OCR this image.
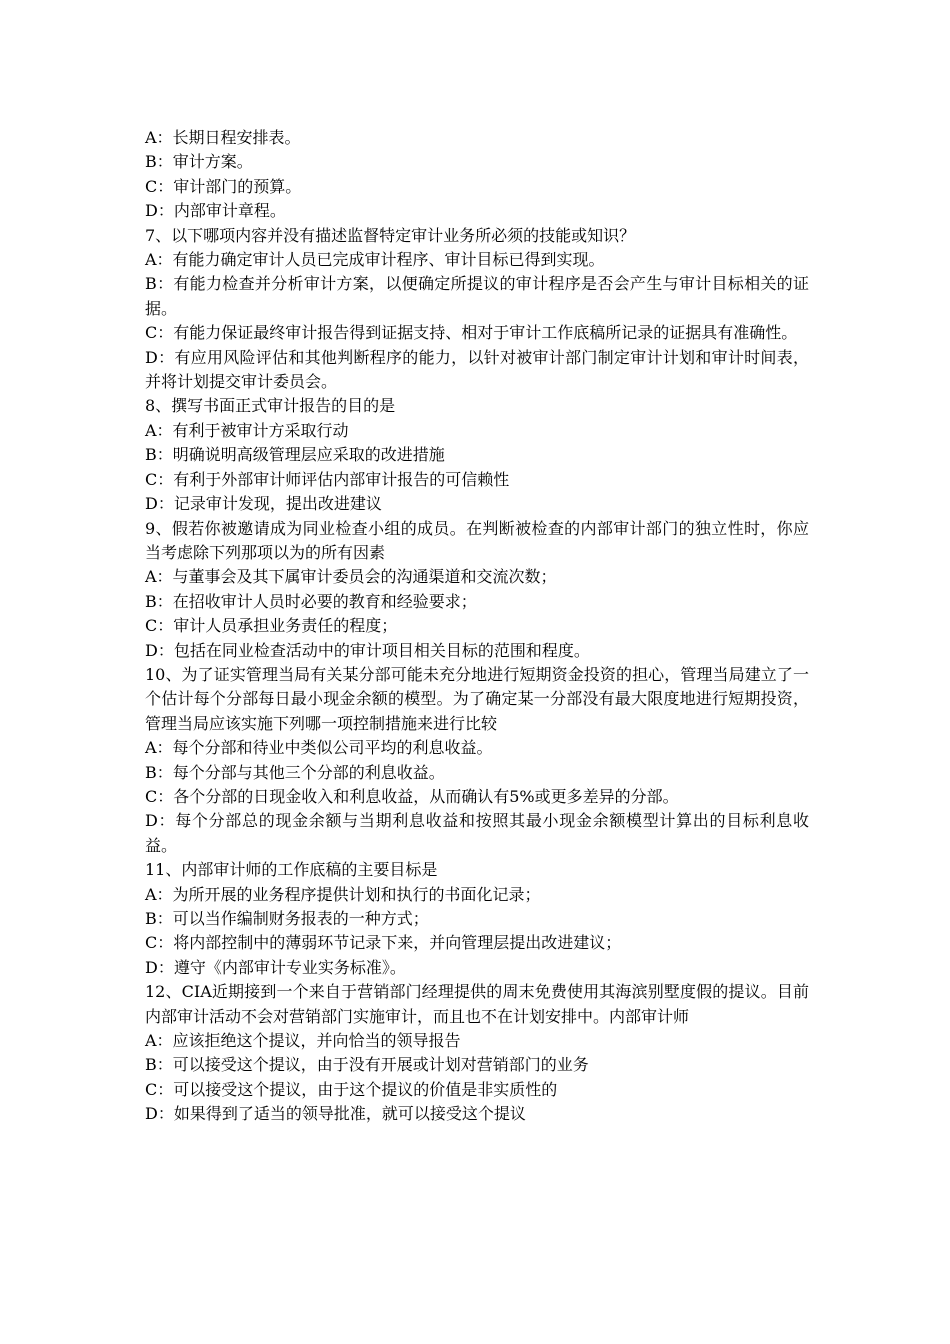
A：长期日程安排表。

B：审计方案。

C：审计部门的预算。

D：内部审计章程。

7、以下哪项内容并没有描述监督特定审计业务所必须的技能或知识？

A：有能力确定审计人员已完成审计程序、审计目标已得到实现。

B：有能力检查并分析审计方案，以便确定所提议的审计程序是否会产生与审计目标相关的证据。

C：有能力保证最终审计报告得到证据支持、相对于审计工作底稿所记录的证据具有准确性。

D：有应用风险评估和其他判断程序的能力，以针对被审计部门制定审计计划和审计时间表，并将计划提交审计委员会。

8、撰写书面正式审计报告的目的是

A：有利于被审计方采取行动

B：明确说明高级管理层应采取的改进措施

C：有利于外部审计师评估内部审计报告的可信赖性

D：记录审计发现，提出改进建议

9、假若你被邀请成为同业检查小组的成员。在判断被检查的内部审计部门的独立性时，你应当考虑除下列那项以为的所有因素

A：与董事会及其下属审计委员会的沟通渠道和交流次数；

B：在招收审计人员时必要的教育和经验要求；

C：审计人员承担业务责任的程度；

D：包括在同业检查活动中的审计项目相关目标的范围和程度。

10、为了证实管理当局有关某分部可能未充分地进行短期资金投资的担心，管理当局建立了一个估计每个分部每日最小现金余额的模型。为了确定某一分部没有最大限度地进行短期投资，管理当局应该实施下列哪一项控制措施来进行比较

A：每个分部和待业中类似公司平均的利息收益。

B：每个分部与其他三个分部的利息收益。

C：各个分部的日现金收入和利息收益，从而确认有5%或更多差异的分部。

D：每个分部总的现金余额与当期利息收益和按照其最小现金余额模型计算出的目标利息收益。

11、内部审计师的工作底稿的主要目标是

A：为所开展的业务程序提供计划和执行的书面化记录；

B：可以当作编制财务报表的一种方式；

C：将内部控制中的薄弱环节记录下来，并向管理层提出改进建议；

D：遵守《内部审计专业实务标准》。

12、CIA近期接到一个来自于营销部门经理提供的周末免费使用其海滨别墅度假的提议。目前内部审计活动不会对营销部门实施审计，而且也不在计划安排中。内部审计师

A：应该拒绝这个提议，并向恰当的领导报告

B：可以接受这个提议，由于没有开展或计划对营销部门的业务

C：可以接受这个提议，由于这个提议的价值是非实质性的

D：如果得到了适当的领导批准，就可以接受这个提议
